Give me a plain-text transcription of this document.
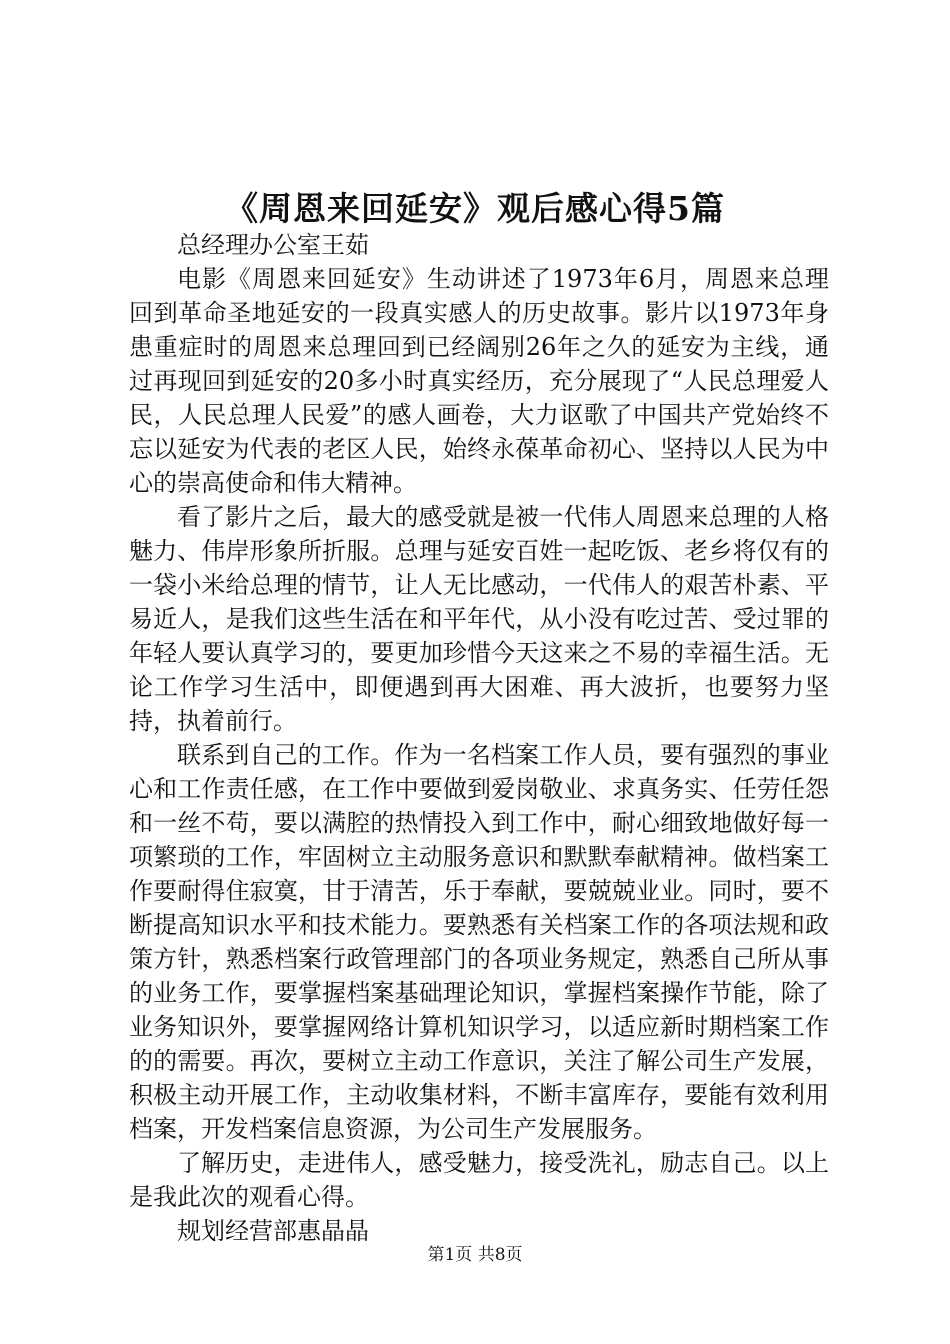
《周恩来回延安》观后感心得5篇

总经理办公室王茹

电影《周恩来回延安》生动讲述了1973年6月，周恩来总理回到革命圣地延安的一段真实感人的历史故事。影片以1973年身患重症时的周恩来总理回到已经阔别26年之久的延安为主线，通过再现回到延安的20多小时真实经历，充分展现了“人民总理爱人民，人民总理人民爱”的感人画卷，大力讴歌了中国共产党始终不忘以延安为代表的老区人民，始终永葆革命初心、坚持以人民为中心的崇高使命和伟大精神。

看了影片之后，最大的感受就是被一代伟人周恩来总理的人格魅力、伟岸形象所折服。总理与延安百姓一起吃饭、老乡将仅有的一袋小米给总理的情节，让人无比感动，一代伟人的艰苦朴素、平易近人，是我们这些生活在和平年代，从小没有吃过苦、受过罪的年轻人要认真学习的，要更加珍惜今天这来之不易的幸福生活。无论工作学习生活中，即便遇到再大困难、再大波折，也要努力坚持，执着前行。

联系到自己的工作。作为一名档案工作人员，要有强烈的事业心和工作责任感，在工作中要做到爱岗敬业、求真务实、任劳任怨和一丝不苟，要以满腔的热情投入到工作中，耐心细致地做好每一项繁琐的工作，牢固树立主动服务意识和默默奉献精神。做档案工作要耐得住寂寞，甘于清苦，乐于奉献，要兢兢业业。同时，要不断提高知识水平和技术能力。要熟悉有关档案工作的各项法规和政策方针，熟悉档案行政管理部门的各项业务规定，熟悉自己所从事的业务工作，要掌握档案基础理论知识，掌握档案操作节能，除了业务知识外，要掌握网络计算机知识学习，以适应新时期档案工作的的需要。再次，要树立主动工作意识，关注了解公司生产发展，积极主动开展工作，主动收集材料，不断丰富库存，要能有效利用档案，开发档案信息资源，为公司生产发展服务。

了解历史，走进伟人，感受魅力，接受洗礼，励志自己。以上是我此次的观看心得。

规划经营部惠晶晶

第1页 共8页
